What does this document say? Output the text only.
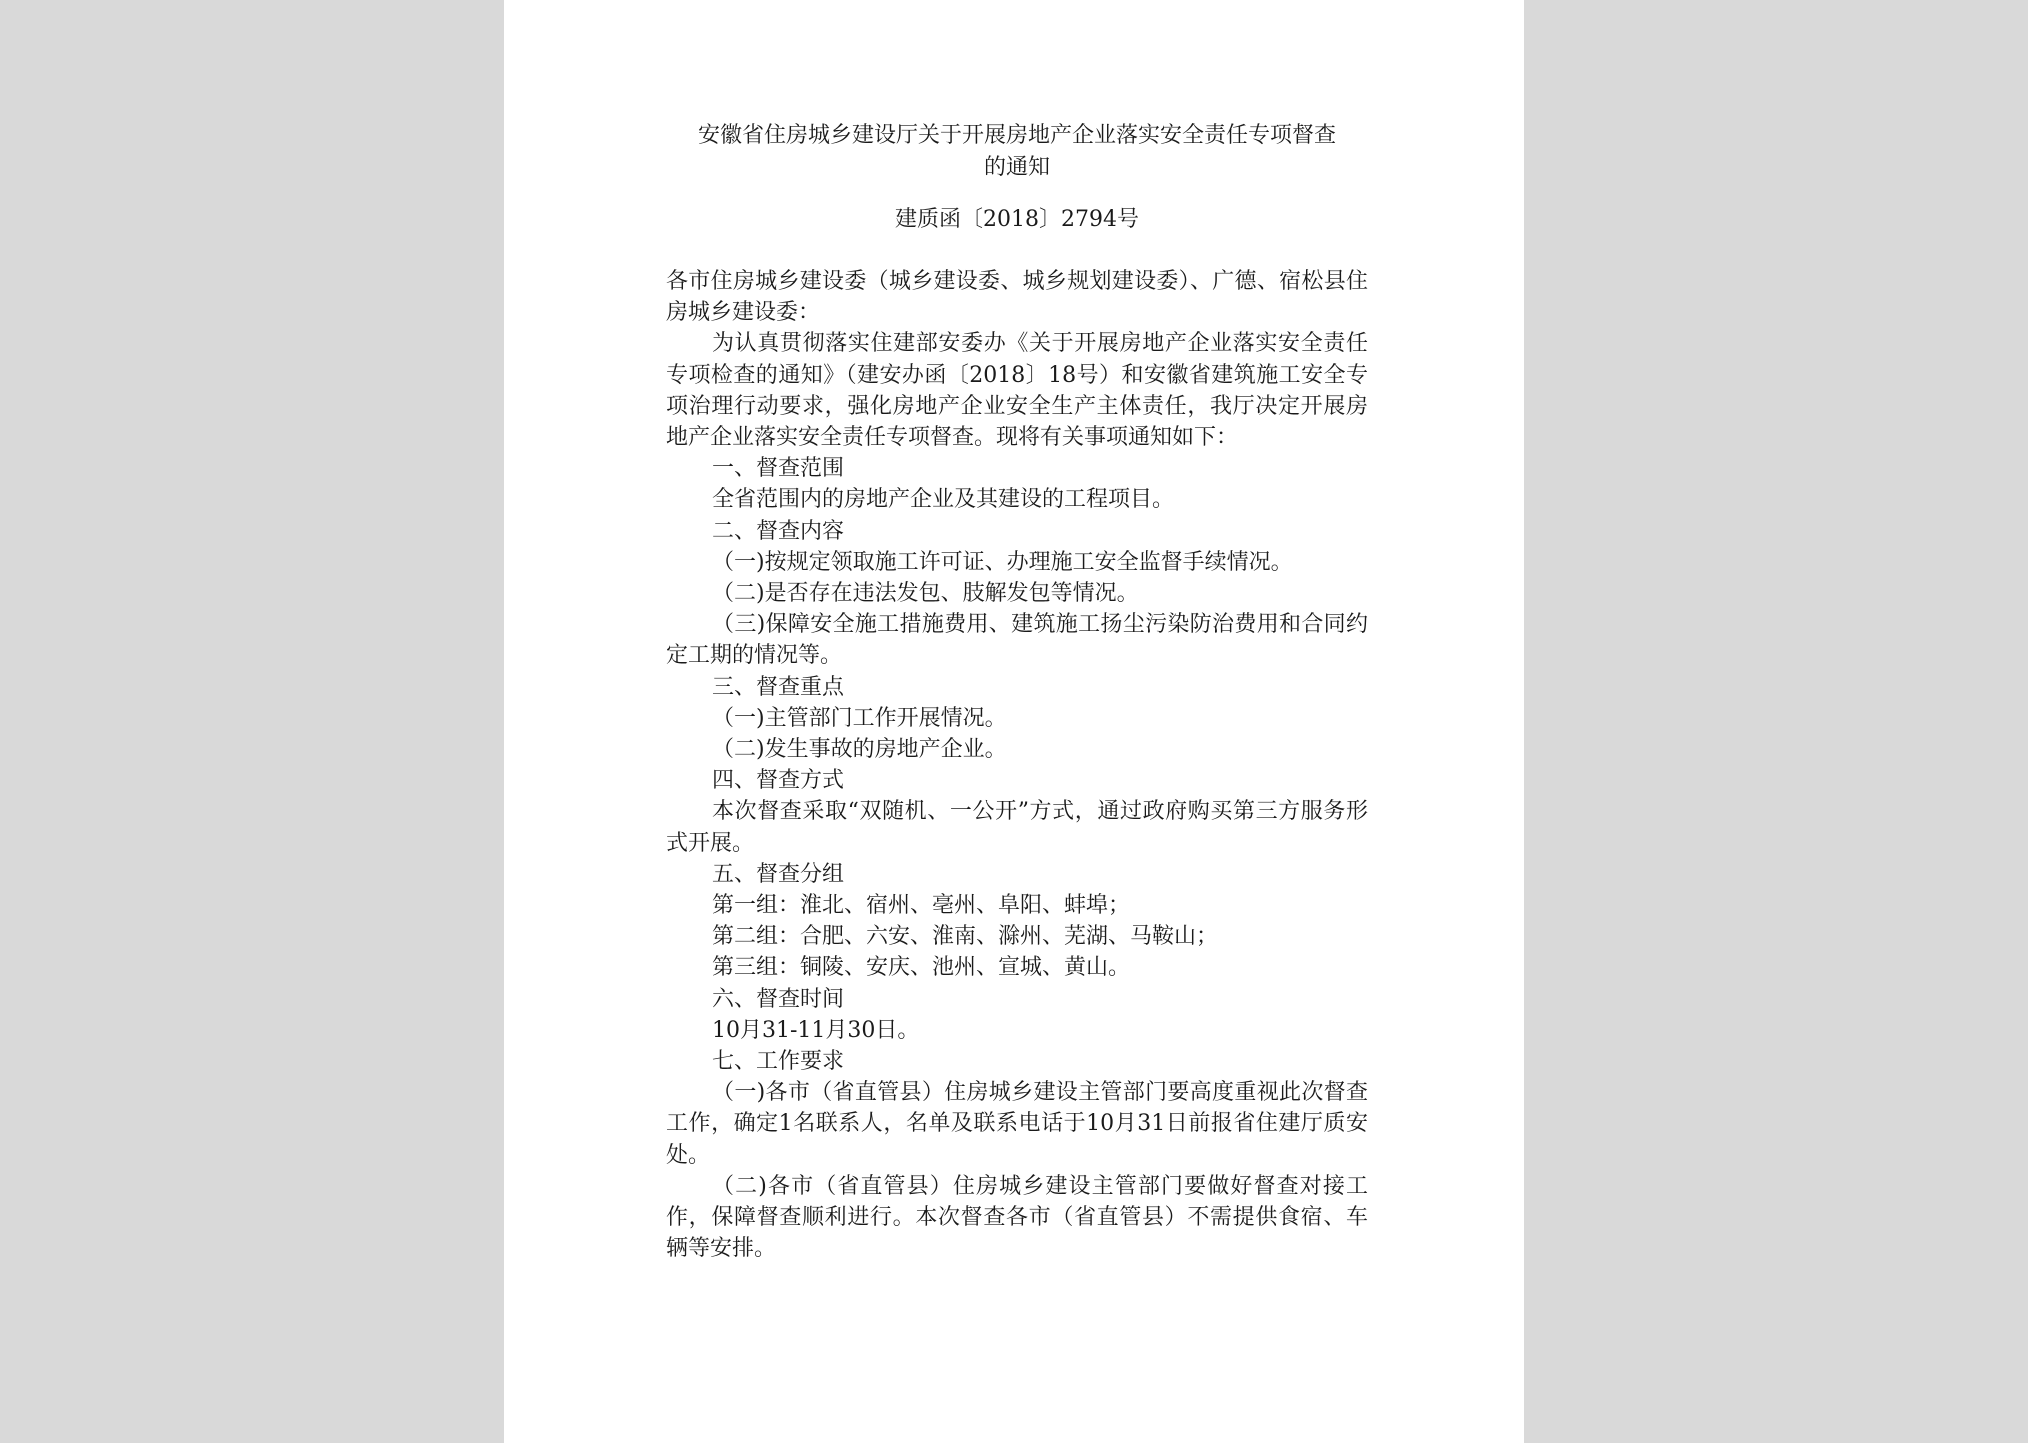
安徽省住房城乡建设厅关于开展房地产企业落实安全责任专项督查
的通知
建质函〔2018〕2794号

各市住房城乡建设委（城乡建设委、城乡规划建设委）、广德、宿松县住房城乡建设委：

为认真贯彻落实住建部安委办《关于开展房地产企业落实安全责任专项检查的通知》（建安办函〔2018〕18号）和安徽省建筑施工安全专项治理行动要求，强化房地产企业安全生产主体责任，我厅决定开展房地产企业落实安全责任专项督查。现将有关事项通知如下：

一、督查范围

全省范围内的房地产企业及其建设的工程项目。

二、督查内容

（一)按规定领取施工许可证、办理施工安全监督手续情况。

（二)是否存在违法发包、肢解发包等情况。

（三)保障安全施工措施费用、建筑施工扬尘污染防治费用和合同约定工期的情况等。

三、督查重点

（一)主管部门工作开展情况。

（二)发生事故的房地产企业。

四、督查方式

本次督查采取“双随机、一公开”方式，通过政府购买第三方服务形式开展。

五、督查分组

第一组：淮北、宿州、亳州、阜阳、蚌埠；

第二组：合肥、六安、淮南、滁州、芜湖、马鞍山；

第三组：铜陵、安庆、池州、宣城、黄山。

六、督查时间

10月31-11月30日。

七、工作要求

（一)各市（省直管县）住房城乡建设主管部门要高度重视此次督查工作，确定1名联系人，名单及联系电话于10月31日前报省住建厅质安处。

（二)各市（省直管县）住房城乡建设主管部门要做好督查对接工作，保障督查顺利进行。本次督查各市（省直管县）不需提供食宿、车辆等安排。
